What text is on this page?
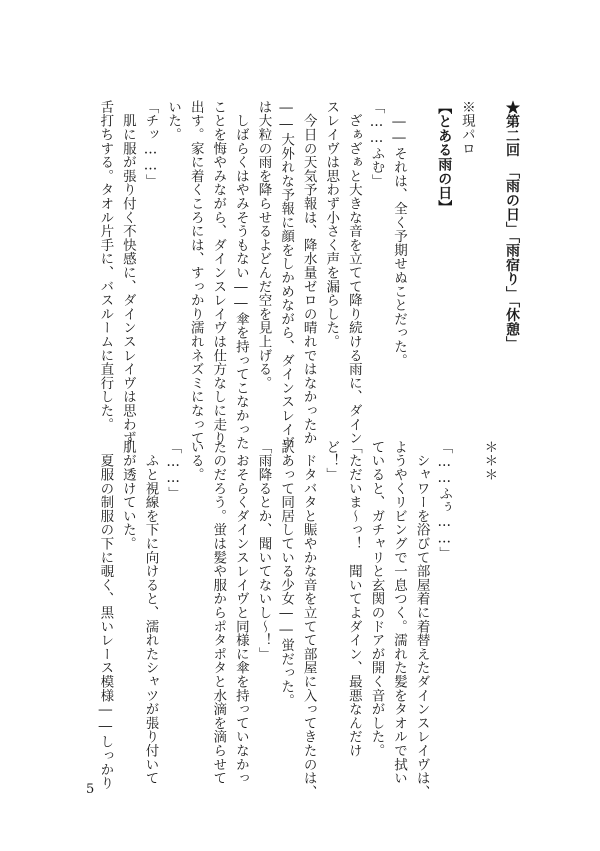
★第二回　「雨の日」「雨宿り」「休憩」

※現パロ
【とある雨の日】

　――それは、全く予期せぬことだった。
「……ふむ」
　ざぁざぁと大きな音を立てて降り続ける雨に、ダイン
スレイヴは思わず小さく声を漏らした。
　今日の天気予報は、降水量ゼロの晴れではなかったか
――大外れな予報に顔をしかめながら、ダインスレイヴ
は大粒の雨を降らせるよどんだ空を見上げる。
　しばらくはやみそうもない――傘を持ってこなかった
ことを悔やみながら、ダインスレイヴは仕方なしに走り
出す。家に着くころには、すっかり濡れネズミになって
いた。
「チッ……」
　肌に服が張り付く不快感に、ダインスレイヴは思わず
舌打ちする。タオル片手に、バスルームに直行した。

＊＊＊

「……ふぅ……」
　シャワーを浴びて部屋着に着替えたダインスレイヴは、
ようやくリビングで一息つく。濡れた髪をタオルで拭い
ていると、ガチャリと玄関のドアが開く音がした。
「ただいま～っ！　聞いてよダイン、最悪なんだけ
ど！」
　ドタバタと賑やかな音を立てて部屋に入ってきたのは、
訳あって同居している少女――蛍だった。
「雨降るとか、聞いてないし～！」
　おそらくダインスレイヴと同様に傘を持っていなかっ
たのだろう。蛍は髪や服からポタポタと水滴を滴らせて
いる。
「……」
　ふと視線を下に向けると、濡れたシャツが張り付いて
肌が透けていた。
　夏服の制服の下に覗く、黒いレース模様――しっかり
5
